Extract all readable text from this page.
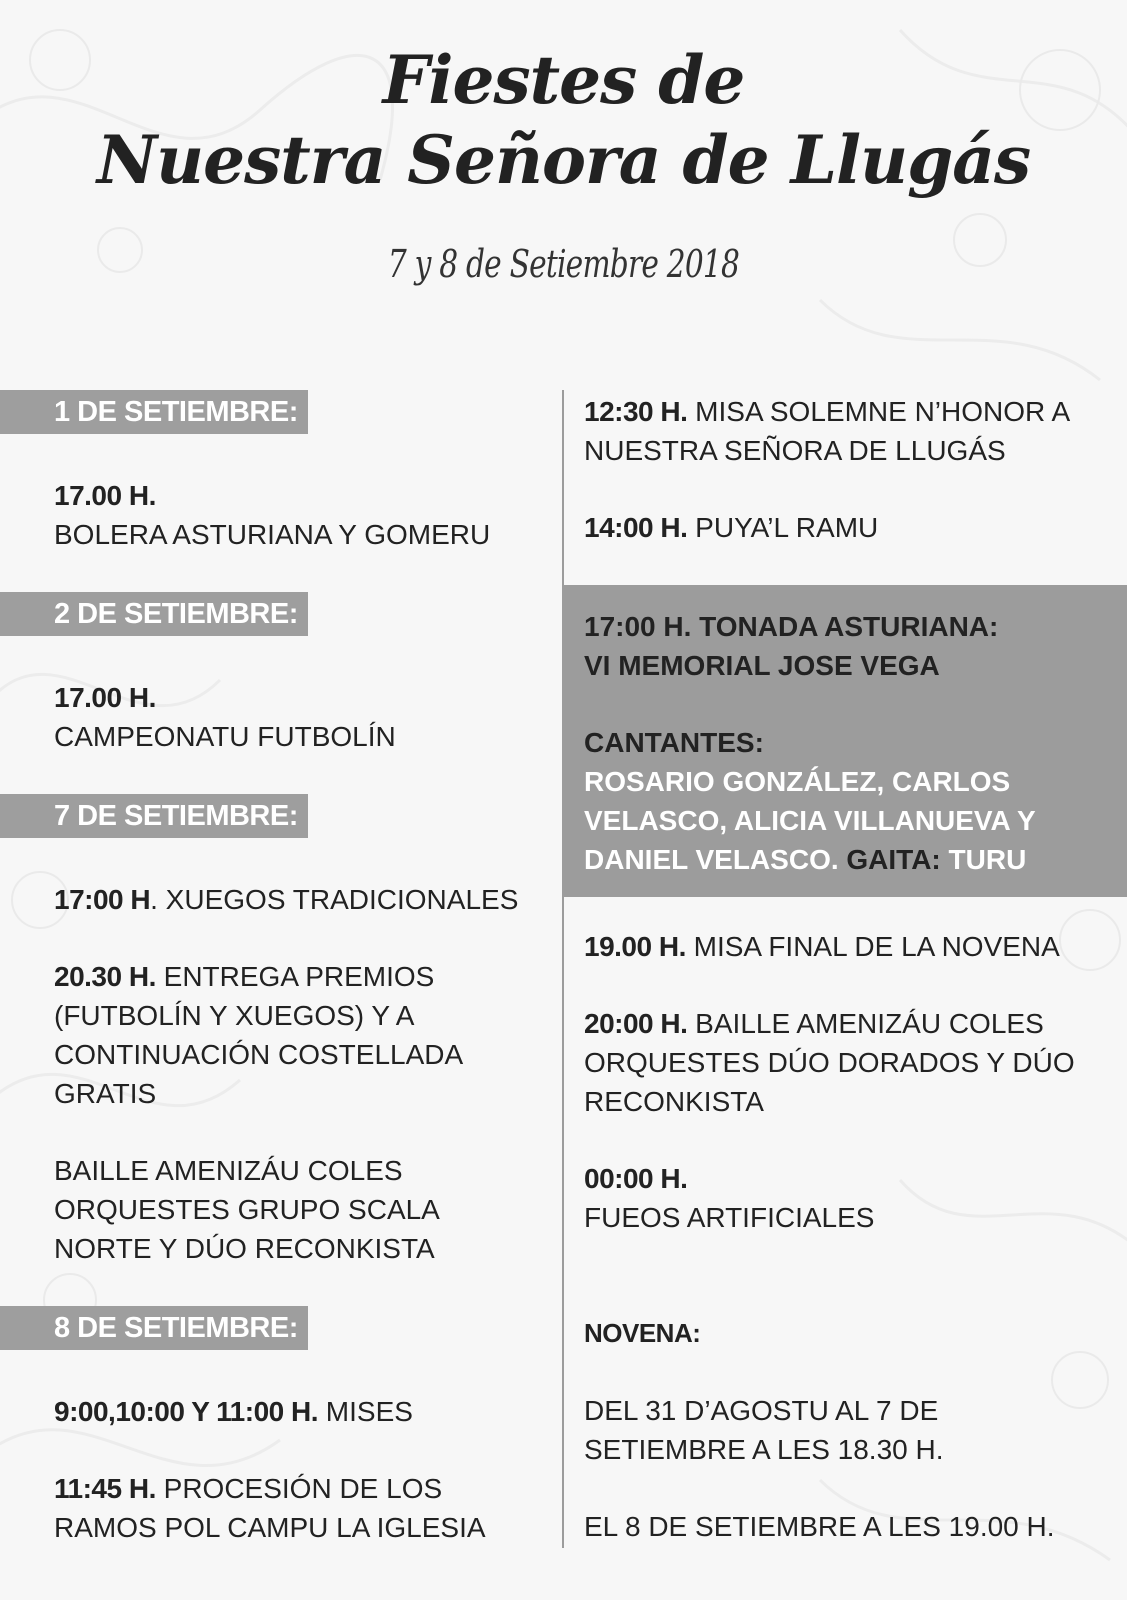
Fiestes de
Nuestra Señora de Llugás
7 y 8 de Setiembre 2018
1 DE SETIEMBRE:
17.00 H.
BOLERA ASTURIANA Y GOMERU
2 DE SETIEMBRE:
17.00 H.
CAMPEONATU FUTBOLÍN
7 DE SETIEMBRE:
17:00 H. XUEGOS TRADICIONALES
20.30 H. ENTREGA PREMIOS (FUTBOLÍN Y XUEGOS) Y A CONTINUACIÓN COSTELLADA GRATIS
BAILLE AMENIZÁU COLES ORQUESTES GRUPO SCALA NORTE Y DÚO RECONKISTA
8 DE SETIEMBRE:
9:00,10:00 Y 11:00 H. MISES
11:45 H. PROCESIÓN DE LOS RAMOS POL CAMPU LA IGLESIA
12:30 H. MISA SOLEMNE N’HONOR A NUESTRA SEÑORA DE LLUGÁS
14:00 H. PUYA’L RAMU
17:00 H. TONADA ASTURIANA:
VI MEMORIAL JOSE VEGA
CANTANTES:
ROSARIO GONZÁLEZ, CARLOS VELASCO, ALICIA VILLANUEVA Y DANIEL VELASCO. GAITA: TURU
19.00 H. MISA FINAL DE LA NOVENA
20:00 H. BAILLE AMENIZÁU COLES ORQUESTES DÚO DORADOS Y DÚO RECONKISTA
00:00 H.
FUEOS ARTIFICIALES
NOVENA:
DEL 31 D’AGOSTU AL 7 DE SETIEMBRE A LES 18.30 H.
EL 8 DE SETIEMBRE A LES 19.00 H.
